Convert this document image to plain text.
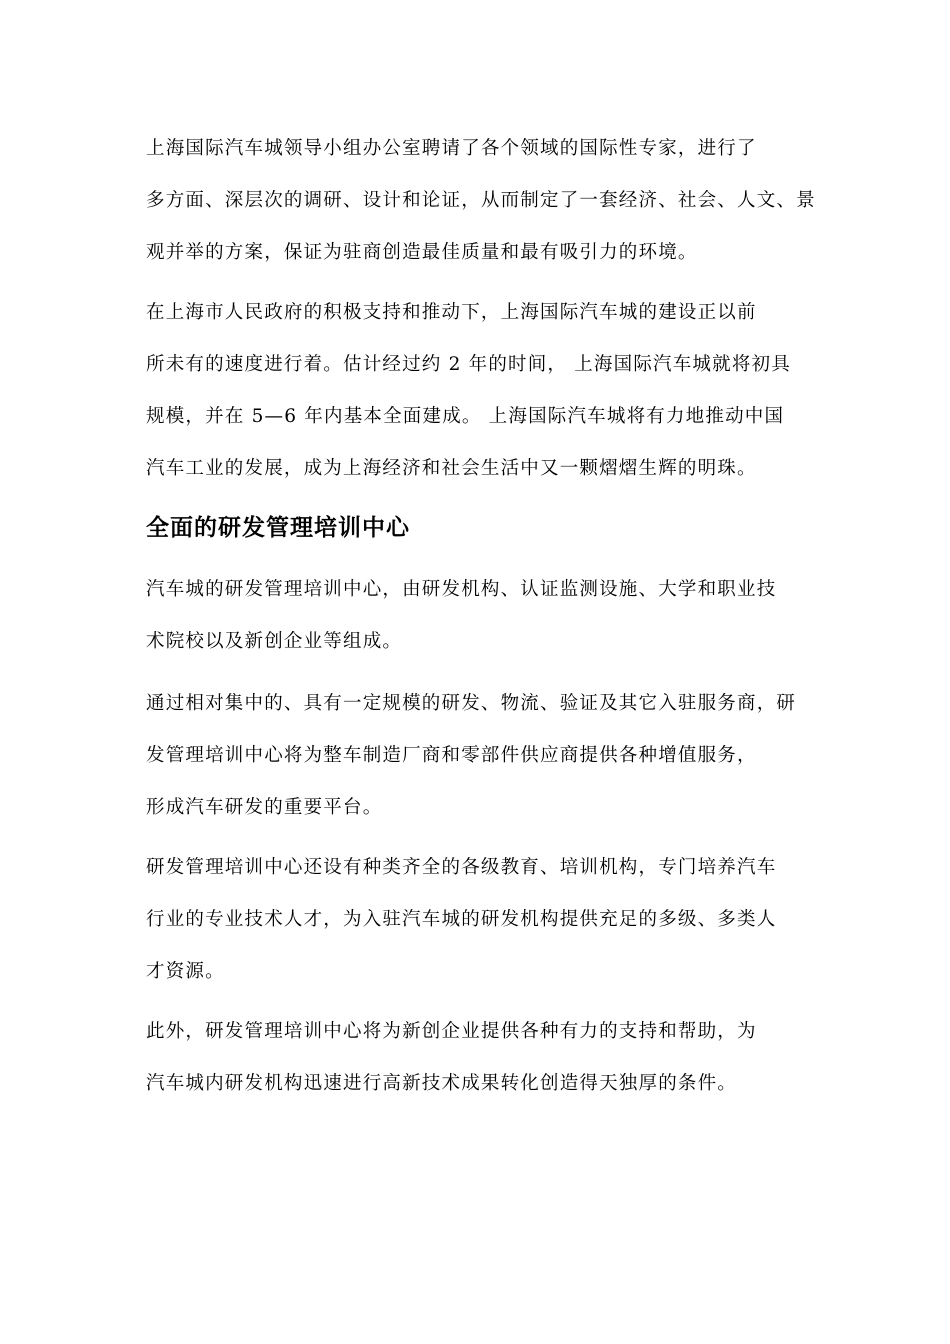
上海国际汽车城领导小组办公室聘请了各个领域的国际性专家，进行了
多方面、深层次的调研、设计和论证，从而制定了一套经济、社会、人文、景
观并举的方案，保证为驻商创造最佳质量和最有吸引力的环境。
在上海市人民政府的积极支持和推动下，上海国际汽车城的建设正以前
所未有的速度进行着。估计经过约 2 年的时间， 上海国际汽车城就将初具
规模，并在 5—6 年内基本全面建成。 上海国际汽车城将有力地推动中国
汽车工业的发展，成为上海经济和社会生活中又一颗熠熠生辉的明珠。
全面的研发管理培训中心
汽车城的研发管理培训中心，由研发机构、认证监测设施、大学和职业技
术院校以及新创企业等组成。
通过相对集中的、具有一定规模的研发、物流、验证及其它入驻服务商，研
发管理培训中心将为整车制造厂商和零部件供应商提供各种增值服务，
形成汽车研发的重要平台。
研发管理培训中心还设有种类齐全的各级教育、培训机构，专门培养汽车
行业的专业技术人才，为入驻汽车城的研发机构提供充足的多级、多类人
才资源。
此外，研发管理培训中心将为新创企业提供各种有力的支持和帮助，为
汽车城内研发机构迅速进行高新技术成果转化创造得天独厚的条件。
